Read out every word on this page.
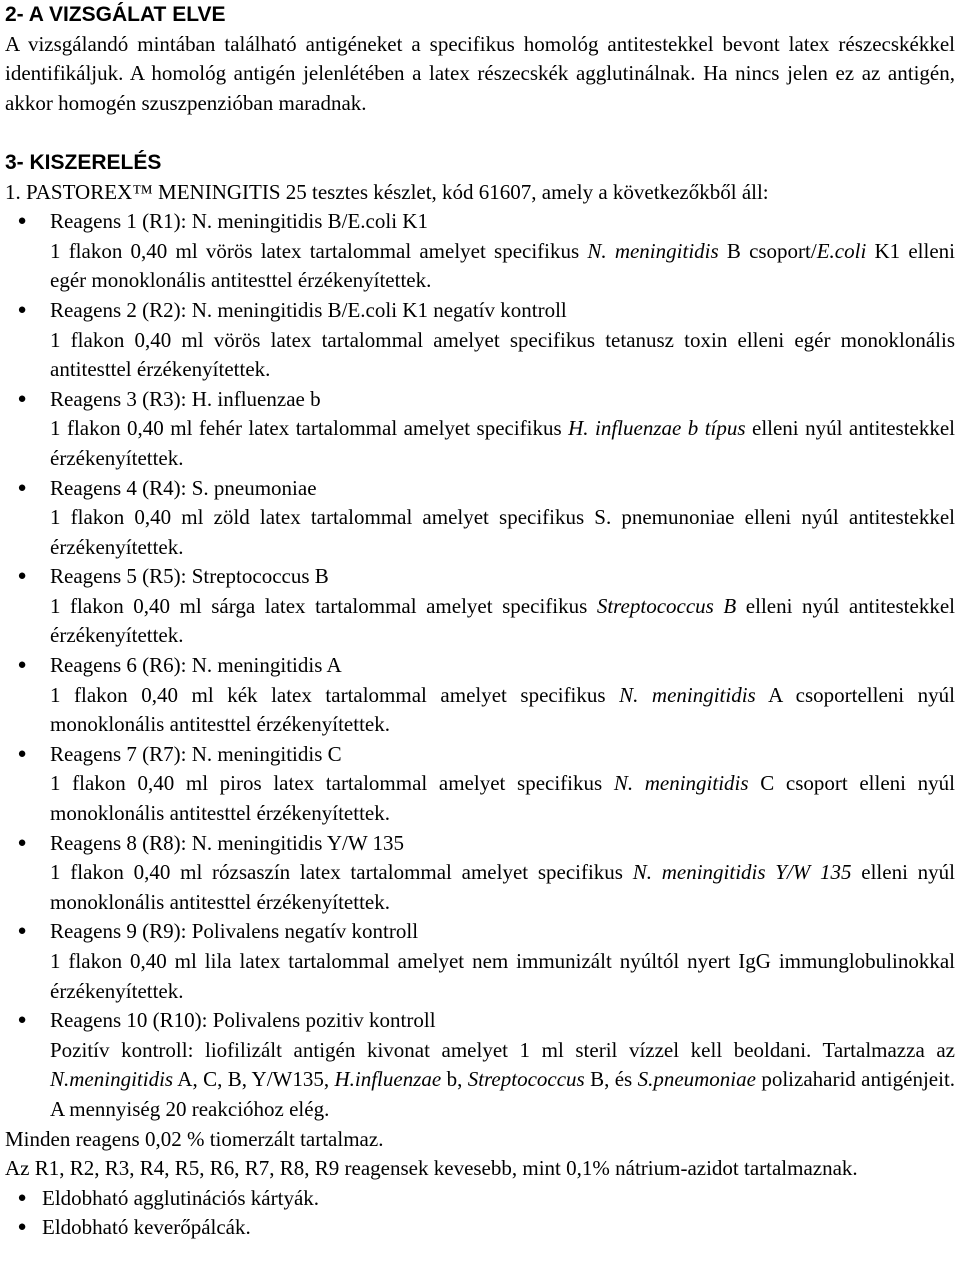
2- A VIZSGÁLAT ELVE

A vizsgálandó mintában található antigéneket a specifikus homológ antitestekkel bevont latex részecskékkel identifikáljuk. A homológ antigén jelenlétében a latex részecskék agglutinálnak. Ha nincs jelen ez az antigén, akkor homogén szuszpenzióban maradnak.

3- KISZERELÉS

1. PASTOREX™ MENINGITIS 25 tesztes készlet, kód 61607, amely a következőkből áll:

●	Reagens 1 (R1): N. meningitidis B/E.coli K1
1 flakon 0,40 ml vörös latex tartalommal amelyet specifikus N. meningitidis B csoport/E.coli K1 elleni egér monoklonális antitesttel érzékenyítettek.
●	Reagens 2 (R2): N. meningitidis B/E.coli K1 negatív kontroll
1 flakon 0,40 ml vörös latex tartalommal amelyet specifikus tetanusz toxin elleni egér monoklonális antitesttel érzékenyítettek.
●	Reagens 3 (R3): H. influenzae b
1 flakon 0,40 ml fehér latex tartalommal amelyet specifikus H. influenzae b típus elleni nyúl antitestekkel érzékenyítettek.
●	Reagens 4 (R4): S. pneumoniae
1 flakon 0,40 ml zöld latex tartalommal amelyet specifikus S. pnemunoniae elleni nyúl antitestekkel érzékenyítettek.
●	Reagens 5 (R5): Streptococcus B
1 flakon 0,40 ml sárga latex tartalommal amelyet specifikus Streptococcus B elleni nyúl antitestekkel érzékenyítettek.
●	Reagens 6 (R6): N. meningitidis A
1 flakon 0,40 ml kék latex tartalommal amelyet specifikus N. meningitidis A csoportelleni nyúl monoklonális antitesttel érzékenyítettek.
●	Reagens 7 (R7): N. meningitidis C
1 flakon 0,40 ml piros latex tartalommal amelyet specifikus N. meningitidis C csoport elleni nyúl monoklonális antitesttel érzékenyítettek.
●	Reagens 8 (R8): N. meningitidis Y/W 135
1 flakon 0,40 ml rózsaszín latex tartalommal amelyet specifikus N. meningitidis Y/W 135 elleni nyúl monoklonális antitesttel érzékenyítettek.
●	Reagens 9 (R9): Polivalens negatív kontroll
1 flakon 0,40 ml lila latex tartalommal amelyet nem immunizált nyúltól nyert IgG immunglobulinokkal érzékenyítettek.
●	Reagens 10 (R10): Polivalens pozitiv kontroll
Pozitív kontroll: liofilizált antigén kivonat amelyet 1 ml steril vízzel kell beoldani. Tartalmazza az N.meningitidis A, C, B, Y/W135, H.influenzae b, Streptococcus B, és S.pneumoniae polizaharid antigénjeit. A mennyiség 20 reakcióhoz elég.

Minden reagens 0,02 % tiomerzált tartalmaz.

Az R1, R2, R3, R4, R5, R6, R7, R8, R9 reagensek kevesebb, mint 0,1% nátrium-azidot tartalmaznak.

● Eldobható agglutinációs kártyák.
● Eldobható keverőpálcák.
